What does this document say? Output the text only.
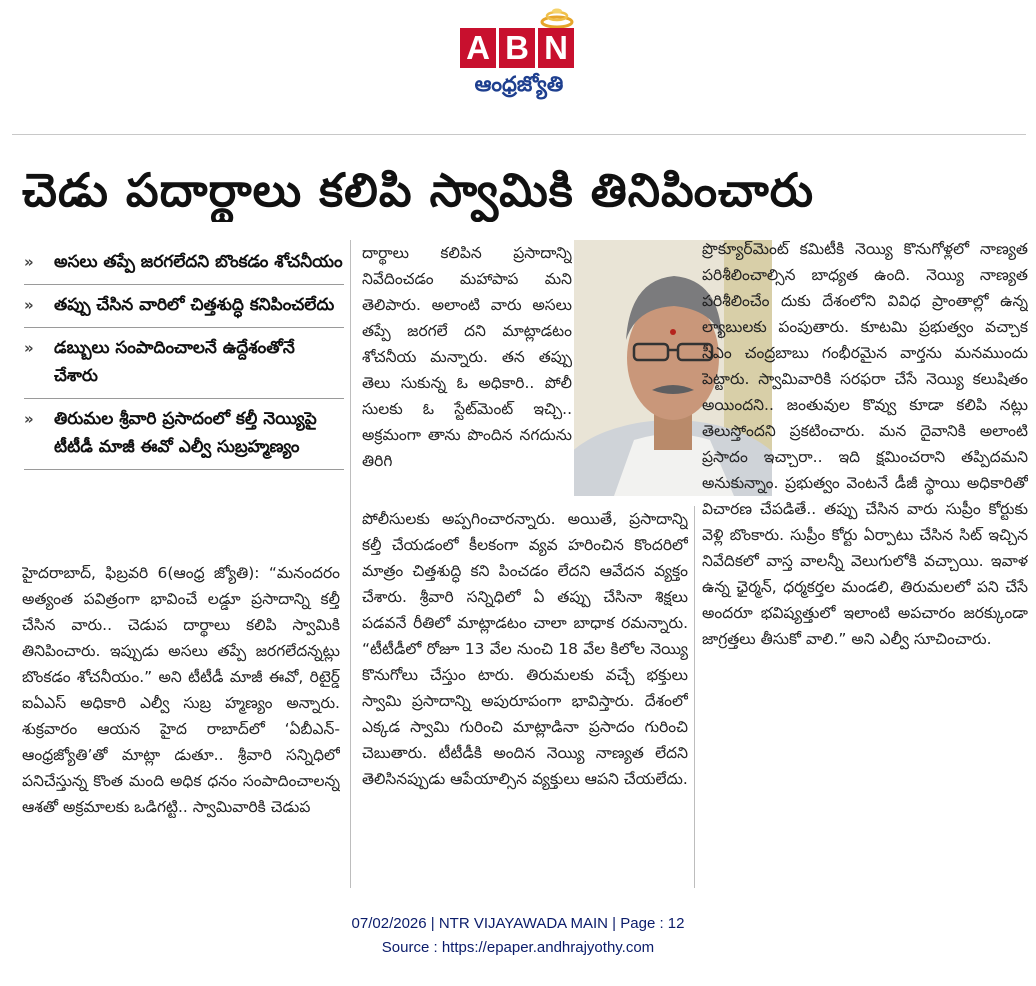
A B N
ఆంధ్రజ్యోతి
చెడు పదార్థాలు కలిపి స్వామికి తినిపించారు
»	అసలు తప్పే జరగలేదని బొంకడం శోచనీయం
»	తప్పు చేసిన వారిలో చిత్తశుద్ధి కనిపించలేదు
»	డబ్బులు సంపాదించాలనే ఉద్దేశంతోనే చేశారు
»	తిరుమల శ్రీవారి ప్రసాదంలో కల్తీ నెయ్యిపై టీటీడీ మాజీ ఈవో ఎల్వీ సుబ్రహ్మణ్యం
హైదరాబాద్‌, ఫిబ్రవరి 6(ఆంధ్ర జ్యోతి): “మనందరం అత్యంత పవిత్రంగా భావించే లడ్డూ ప్రసాదాన్ని కల్తీ చేసిన వారు.. చెడుప దార్థాలు కలిపి స్వామికి తినిపించారు. ఇప్పుడు అసలు తప్పే జరగలేదన్నట్లు బొంకడం శోచనీయం.” అని టీటీడీ మాజీ ఈవో, రిటైర్డ్‌ ఐఏఎస్‌ అధికారి ఎల్వీ సుబ్ర హ్మణ్యం అన్నారు. శుక్రవారం ఆయన హైద రాబాద్‌లో ‘ఏబీఎన్‌-ఆంధ్రజ్యోతి’తో మాట్లా డుతూ.. శ్రీవారి సన్నిధిలో పనిచేస్తున్న కొంత మంది అధిక ధనం సంపాదించాలన్న ఆశతో అక్రమాలకు ఒడిగట్టి.. స్వామివారికి చెడుప
దార్థాలు కలిపిన ప్రసాదాన్ని నివేదించడం మహాపాప మని తెలిపారు. అలాంటి వారు అసలు తప్పే జరగలే దని మాట్లాడటం శోచనీయ మన్నారు. తన తప్పు తెలు సుకున్న ఓ అధికారి.. పోలీ సులకు ఓ స్టేట్‌మెంట్‌ ఇచ్చి.. అక్రమంగా తాను పొందిన నగదును తిరిగి
పోలీసులకు అప్పగించారన్నారు. అయితే, ప్రసాదాన్ని కల్తీ చేయడంలో కీలకంగా వ్యవ హరించిన కొందరిలో మాత్రం చిత్తశుద్ధి కని పించడం లేదని ఆవేదన వ్యక్తం చేశారు. శ్రీవారి సన్నిధిలో ఏ తప్పు చేసినా శిక్షలు పడవనే రీతిలో మాట్లాడటం చాలా బాధాక రమన్నారు. “టీటీడీలో రోజూ 13 వేల నుంచి 18 వేల కిలోల నెయ్యి కొనుగోలు చేస్తుం టారు. తిరుమలకు వచ్చే భక్తులు స్వామి ప్రసాదాన్ని అపురూపంగా భావిస్తారు. దేశంలో ఎక్కడ స్వామి గురించి మాట్లాడినా ప్రసాదం గురించి చెబుతారు. టీటీడీకి అందిన నెయ్యి నాణ్యత లేదని తెలిసినప్పుడు ఆపేయాల్సిన వ్యక్తులు ఆపని చేయలేదు.
ప్రొక్యూర్‌మెంట్‌ కమిటీకి నెయ్యి కొనుగోళ్లలో నాణ్యత పరిశీలించాల్సిన బాధ్యత ఉంది. నెయ్యి నాణ్యత పరిశీలించేం దుకు దేశంలోని వివిధ ప్రాంతాల్లో ఉన్న ల్యాబులకు పంపుతారు. కూటమి ప్రభుత్వం వచ్చాక సీఎం చంద్రబాబు గంభీరమైన వార్తను మనముందు పెట్టారు. స్వామివారికి సరఫరా చేసే నెయ్యి కలుషితం అయిందని.. జంతువుల కొవ్వు కూడా కలిపి నట్లు తెలుస్తోందని ప్రకటించారు. మన దైవానికి అలాంటి ప్రసాదం ఇచ్చారా.. ఇది క్షమించరాని తప్పిదమని అనుకున్నాం. ప్రభుత్వం వెంటనే డీజీ స్థాయి అధికారితో విచారణ చేపడితే.. తప్పు చేసిన వారు సుప్రీం కోర్టుకు వెళ్లి బొంకారు. సుప్రీం కోర్టు ఏర్పాటు చేసిన సిట్‌ ఇచ్చిన నివేదికలో వాస్త వాలన్నీ వెలుగులోకి వచ్చాయి. ఇవాళ ఉన్న ఛైర్మన్‌, ధర్మకర్తల మండలి, తిరుమలలో పని చేసే అందరూ భవిష్యత్తులో ఇలాంటి అపచారం జరక్కుండా జాగ్రత్తలు తీసుకో వాలి.” అని ఎల్వీ సూచించారు.
07/02/2026 | NTR VIJAYAWADA MAIN | Page : 12
Source : https://epaper.andhrajyothy.com
